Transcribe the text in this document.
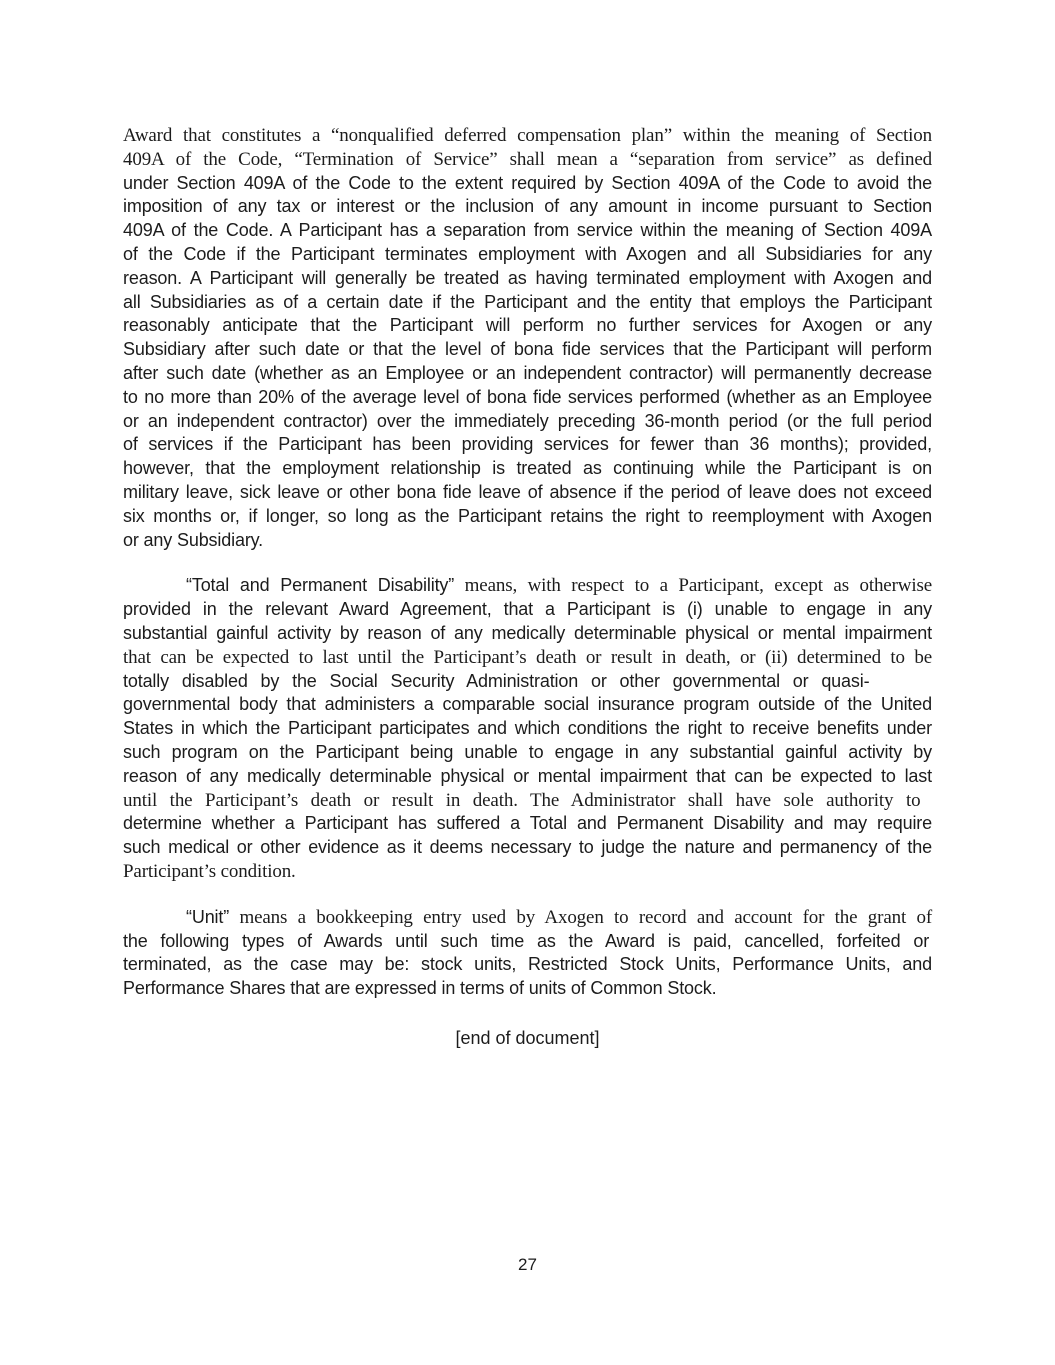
Award that constitutes a “nonqualified deferred compensation plan” within the meaning of Section
409A of the Code, “Termination of Service” shall mean a “separation from service” as defined
under Section 409A of the Code to the extent required by Section 409A of the Code to avoid the
imposition of any tax or interest or the inclusion of any amount in income pursuant to Section
409A of the Code. A Participant has a separation from service within the meaning of Section 409A
of the Code if the Participant terminates employment with Axogen and all Subsidiaries for any
reason. A Participant will generally be treated as having terminated employment with Axogen and
all Subsidiaries as of a certain date if the Participant and the entity that employs the Participant
reasonably anticipate that the Participant will perform no further services for Axogen or any
Subsidiary after such date or that the level of bona fide services that the Participant will perform
after such date (whether as an Employee or an independent contractor) will permanently decrease
to no more than 20% of the average level of bona fide services performed (whether as an Employee
or an independent contractor) over the immediately preceding 36-month period (or the full period
of services if the Participant has been providing services for fewer than 36 months); provided,
however, that the employment relationship is treated as continuing while the Participant is on
military leave, sick leave or other bona fide leave of absence if the period of leave does not exceed
six months or, if longer, so long as the Participant retains the right to reemployment with Axogen
or any Subsidiary.
“Total and Permanent Disability” means, with respect to a Participant, except as otherwise
provided in the relevant Award Agreement, that a Participant is (i) unable to engage in any
substantial gainful activity by reason of any medically determinable physical or mental impairment
that can be expected to last until the Participant’s death or result in death, or (ii) determined to be
totally disabled by the Social Security Administration or other governmental or quasi-
governmental body that administers a comparable social insurance program outside of the United
States in which the Participant participates and which conditions the right to receive benefits under
such program on the Participant being unable to engage in any substantial gainful activity by
reason of any medically determinable physical or mental impairment that can be expected to last
until the Participant’s death or result in death. The Administrator shall have sole authority to
determine whether a Participant has suffered a Total and Permanent Disability and may require
such medical or other evidence as it deems necessary to judge the nature and permanency of the
Participant’s condition.
“Unit” means a bookkeeping entry used by Axogen to record and account for the grant of
the following types of Awards until such time as the Award is paid, cancelled, forfeited or
terminated, as the case may be: stock units, Restricted Stock Units, Performance Units, and
Performance Shares that are expressed in terms of units of Common Stock.
[end of document]
27
